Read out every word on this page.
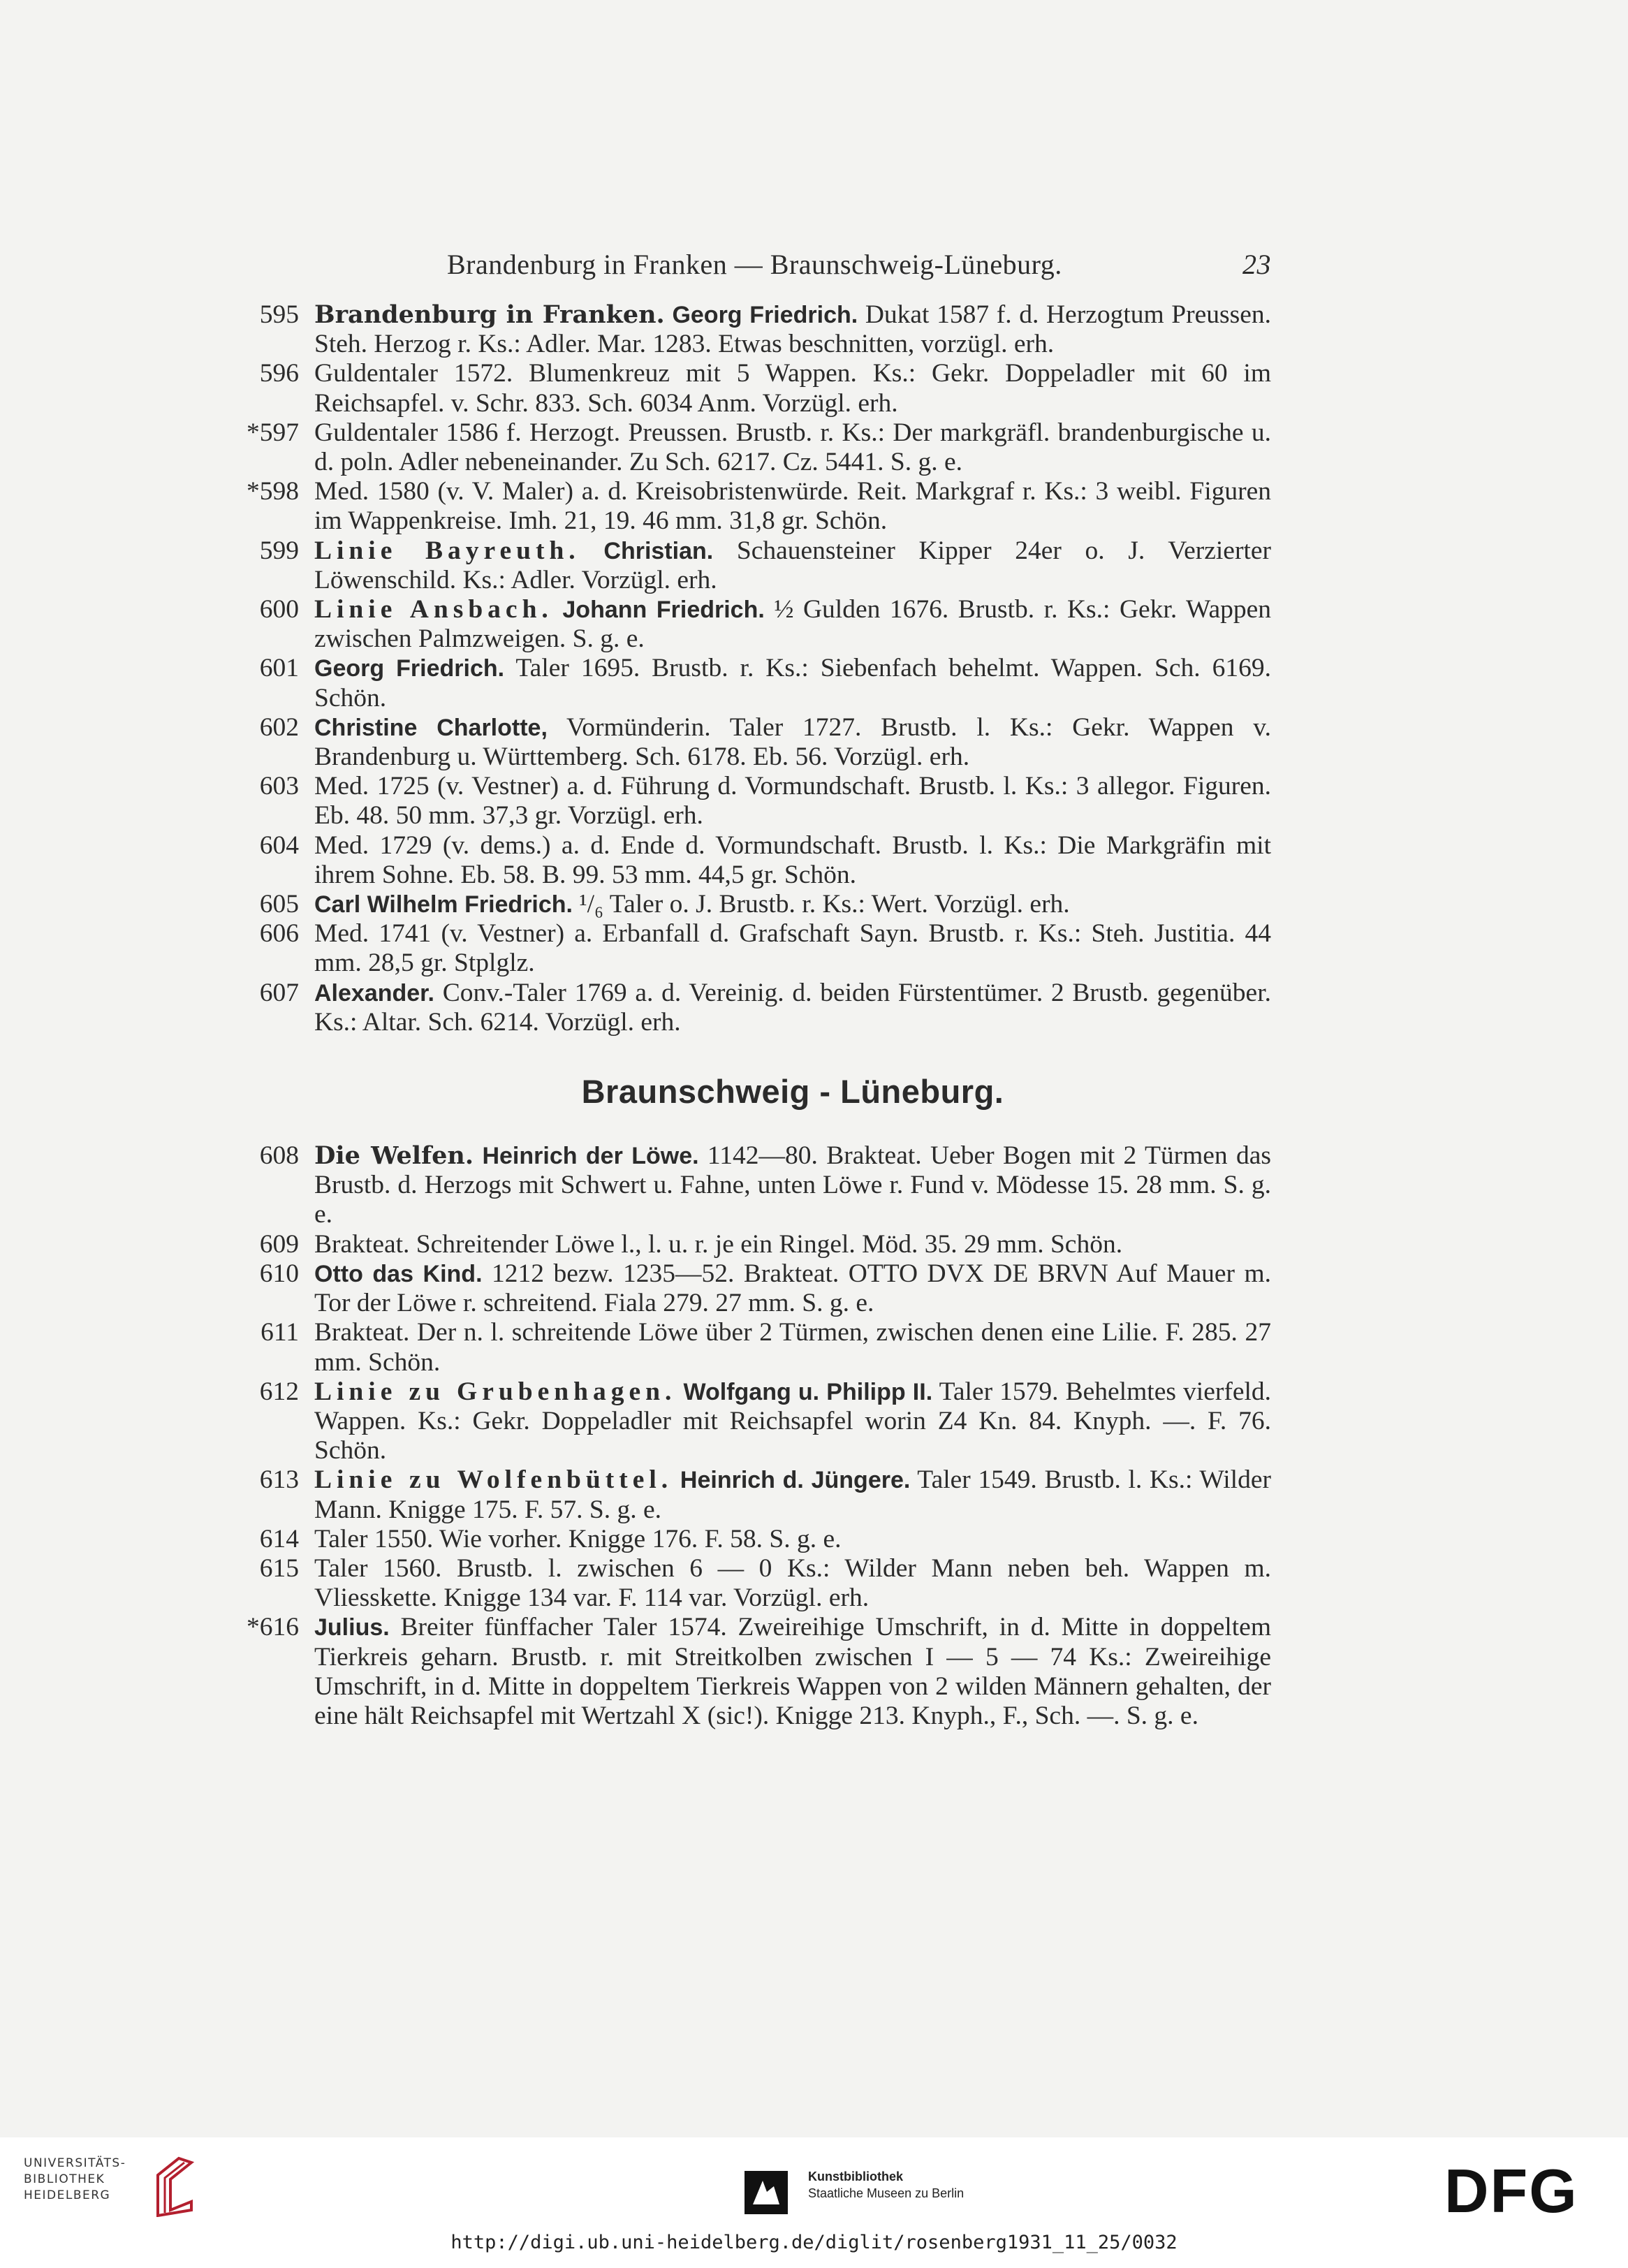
Brandenburg in Franken — Braunschweig-Lüneburg.	23
595 Brandenburg in Franken. Georg Friedrich. Dukat 1587 f. d. Herzogtum Preussen. Steh. Herzog r. Ks.: Adler. Mar. 1283. Etwas beschnitten, vorzügl. erh.
596 Guldentaler 1572. Blumenkreuz mit 5 Wappen. Ks.: Gekr. Doppeladler mit 60 im Reichsapfel. v. Schr. 833. Sch. 6034 Anm. Vorzügl. erh.
*597 Guldentaler 1586 f. Herzogt. Preussen. Brustb. r. Ks.: Der markgräfl. brandenburgische u. d. poln. Adler nebeneinander. Zu Sch. 6217. Cz. 5441. S. g. e.
*598 Med. 1580 (v. V. Maler) a. d. Kreisobristenwürde. Reit. Markgraf r. Ks.: 3 weibl. Figuren im Wappenkreise. Imh. 21, 19. 46 mm. 31,8 gr. Schön.
599 Linie Bayreuth. Christian. Schauensteiner Kipper 24er o. J. Verzierter Löwenschild. Ks.: Adler. Vorzügl. erh.
600 Linie Ansbach. Johann Friedrich. ½ Gulden 1676. Brustb. r. Ks.: Gekr. Wappen zwischen Palmzweigen. S. g. e.
601 Georg Friedrich. Taler 1695. Brustb. r. Ks.: Siebenfach behelmt. Wappen. Sch. 6169. Schön.
602 Christine Charlotte, Vormünderin. Taler 1727. Brustb. l. Ks.: Gekr. Wappen v. Brandenburg u. Württemberg. Sch. 6178. Eb. 56. Vorzügl. erh.
603 Med. 1725 (v. Vestner) a. d. Führung d. Vormundschaft. Brustb. l. Ks.: 3 allegor. Figuren. Eb. 48. 50 mm. 37,3 gr. Vorzügl. erh.
604 Med. 1729 (v. dems.) a. d. Ende d. Vormundschaft. Brustb. l. Ks.: Die Markgräfin mit ihrem Sohne. Eb. 58. B. 99. 53 mm. 44,5 gr. Schön.
605 Carl Wilhelm Friedrich. ¹/₆ Taler o. J. Brustb. r. Ks.: Wert. Vorzügl. erh.
606 Med. 1741 (v. Vestner) a. Erbanfall d. Grafschaft Sayn. Brustb. r. Ks.: Steh. Justitia. 44 mm. 28,5 gr. Stplglz.
607 Alexander. Conv.-Taler 1769 a. d. Vereinig. d. beiden Fürstentümer. 2 Brustb. gegenüber. Ks.: Altar. Sch. 6214. Vorzügl. erh.
Braunschweig - Lüneburg.
608 Die Welfen. Heinrich der Löwe. 1142—80. Brakteat. Ueber Bogen mit 2 Türmen das Brustb. d. Herzogs mit Schwert u. Fahne, unten Löwe r. Fund v. Mödesse 15. 28 mm. S. g. e.
609 Brakteat. Schreitender Löwe l., l. u. r. je ein Ringel. Möd. 35. 29 mm. Schön.
610 Otto das Kind. 1212 bezw. 1235—52. Brakteat. OTTO DVX DE BRVN Auf Mauer m. Tor der Löwe r. schreitend. Fiala 279. 27 mm. S. g. e.
611 Brakteat. Der n. l. schreitende Löwe über 2 Türmen, zwischen denen eine Lilie. F. 285. 27 mm. Schön.
612 Linie zu Grubenhagen. Wolfgang u. Philipp II. Taler 1579. Behelmtes vierfeld. Wappen. Ks.: Gekr. Doppeladler mit Reichsapfel worin Z4 Kn. 84. Knyph. —. F. 76. Schön.
613 Linie zu Wolfenbüttel. Heinrich d. Jüngere. Taler 1549. Brustb. l. Ks.: Wilder Mann. Knigge 175. F. 57. S. g. e.
614 Taler 1550. Wie vorher. Knigge 176. F. 58. S. g. e.
615 Taler 1560. Brustb. l. zwischen 6 — 0 Ks.: Wilder Mann neben beh. Wappen m. Vliesskette. Knigge 134 var. F. 114 var. Vorzügl. erh.
*616 Julius. Breiter fünffacher Taler 1574. Zweireihige Umschrift, in d. Mitte in doppeltem Tierkreis geharn. Brustb. r. mit Streitkolben zwischen I — 5 — 74 Ks.: Zweireihige Umschrift, in d. Mitte in doppeltem Tierkreis Wappen von 2 wilden Männern gehalten, der eine hält Reichsapfel mit Wertzahl X (sic!). Knigge 213. Knyph., F., Sch. —. S. g. e.
UNIVERSITÄTS-
BIBLIOTHEK
HEIDELBERG
Kunstbibliothek
Staatliche Museen zu Berlin	DFG
http://digi.ub.uni-heidelberg.de/diglit/rosenberg1931_11_25/0032
